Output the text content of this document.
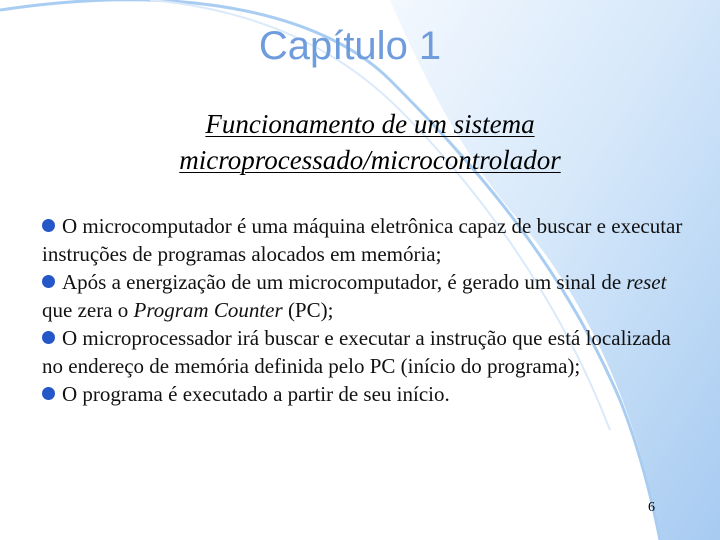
Capítulo 1
Funcionamento de um sistema
microprocessado/microcontrolador
O microcomputador é uma máquina eletrônica capaz de buscar e executar instruções de programas alocados em memória;
Após a energização de um microcomputador, é gerado um sinal de reset que zera o Program Counter (PC);
O microprocessador irá buscar e executar a instrução que está localizada no endereço de memória definida pelo PC (início do programa);
O programa é executado a partir de seu início.
6
